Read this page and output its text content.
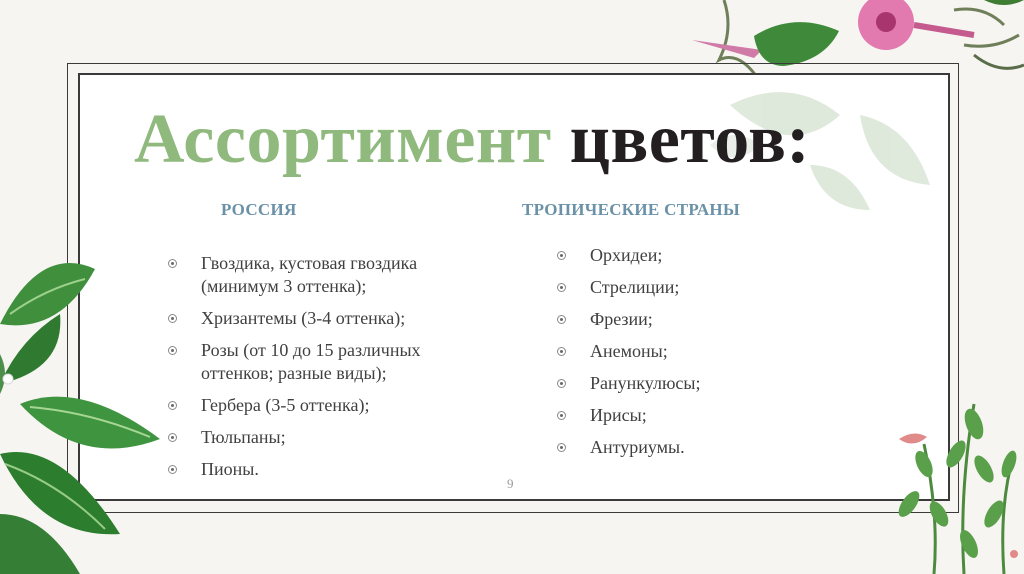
Ассортимент цветов:
РОССИЯ	ТРОПИЧЕСКИЕ СТРАНЫ
Гвоздика, кустовая гвоздика (минимум 3 оттенка);
Хризантемы (3-4 оттенка);
Розы (от 10 до 15 различных оттенков; разные виды);
Гербера (3-5 оттенка);
Тюльпаны;
Пионы.
Орхидеи;
Стрелиции;
Фрезии;
Анемоны;
Ранункулюсы;
Ирисы;
Антуриумы.
9
